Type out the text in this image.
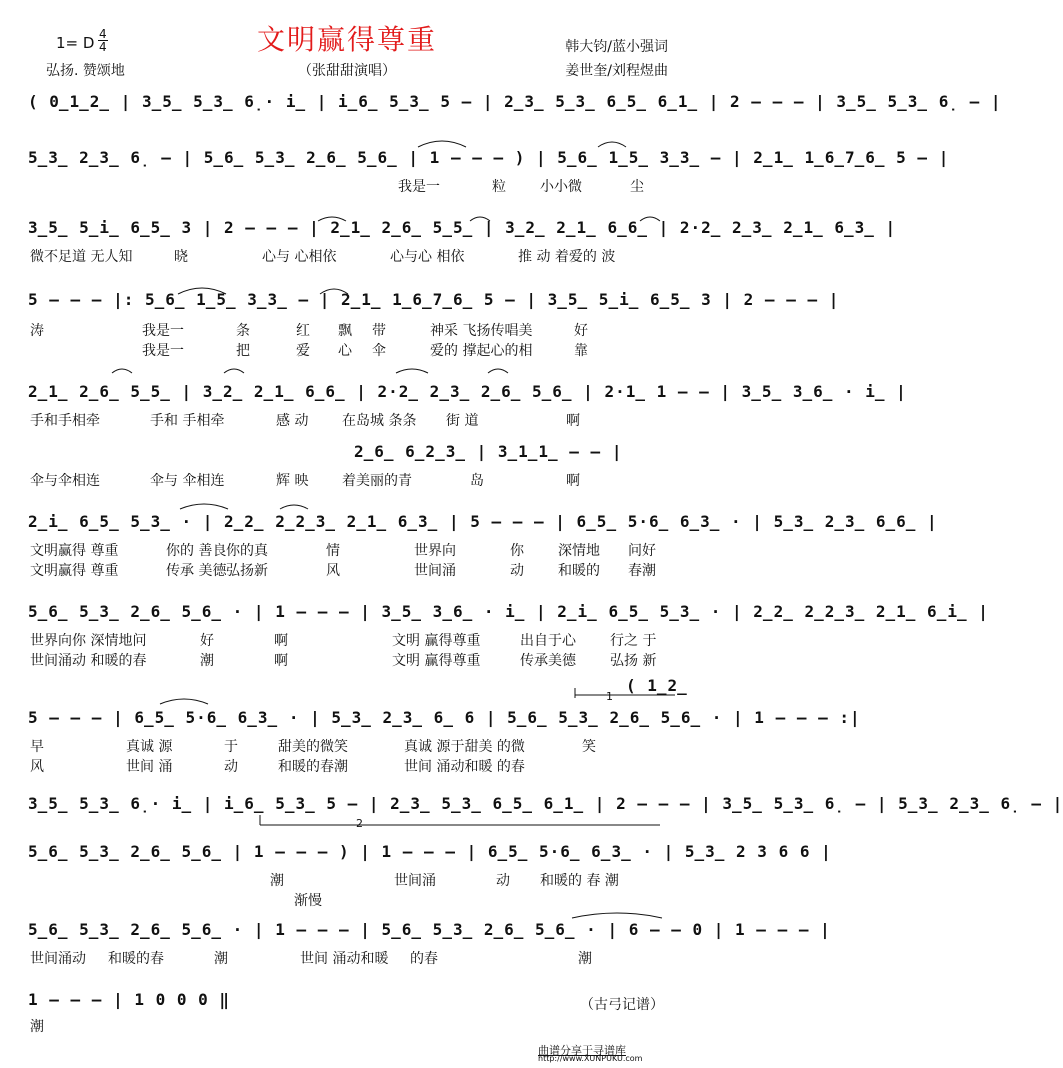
文明赢得尊重
（张甜甜演唱）
1= D 4
4
弘扬. 赞颂地
韩大钧/蓝小强词
姜世奎/刘程煜曲
( 0̲1̲2̲ | 3̲5̲ 5̲3̲ 6̣· i̲ | i̲6̲ 5̲3̲ 5 – | 2̲3̲ 5̲3̲ 6̲5̲ 6̲1̲ | 2 – – – | 3̲5̲ 5̲3̲ 6̣ – |
5̲3̲ 2̲3̲ 6̣ – | 5̲6̲ 5̲3̲ 2̲6̲ 5̲6̲ | 1 – – – ) | 5̲6̲ 1̲5̲ 3̲3̲ – | 2̲1̲ 1̲6̲7̲6̲ 5 – |
我是一	粒 小小微	尘
3̲5̲ 5̲i̲ 6̲5̲ 3 | 2 – – – | 2̲1̲ 2̲6̲ 5̲5̲ | 3̲2̲ 2̲1̲ 6̲6̲ | 2·2̲ 2̲3̲ 2̲1̲ 6̲3̲ |
微不足道 无人知	晓	心与 心相依	心与心 相依	推 动 着爱的 波
5 – – – |: 5̲6̲ 1̲5̲ 3̲3̲ – | 2̲1̲ 1̲6̲7̲6̲ 5 – | 3̲5̲ 5̲i̲ 6̲5̲ 3 | 2 – – – |
涛	我是一	条	红 飘 带	神采 飞扬传唱美	好
我是一	把	爱 心 伞	爱的 撑起心的相	靠
2̲1̲ 2̲6̲ 5̲5̲ | 3̲2̲ 2̲1̲ 6̲6̲ | 2·2̲ 2̲3̲ 2̲6̲ 5̲6̲ | 2·1̲ 1 – – | 3̲5̲ 3̲6̲ · i̲ |
手和手相牵	手和 手相牵	感 动 在岛城 条条 街 道	啊
2̲6̲ 6̲2̲3̲ | 3̲1̲1̲ – – |
伞与伞相连	伞与 伞相连	辉 映 着美丽的青	岛	啊
2̲i̲ 6̲5̲ 5̲3̲ · | 2̲2̲ 2̲2̲3̲ 2̲1̲ 6̲3̲ | 5 – – – | 6̲5̲ 5·6̲ 6̲3̲ · | 5̲3̲ 2̲3̲ 6̲6̲ |
文明赢得 尊重	你的 善良 你的真	情	世界向	你 深情地 问好
文明赢得 尊重	传承 美德 弘扬新	风	世间涌	动 和暖的 春潮
5̲6̲ 5̲3̲ 2̲6̲ 5̲6̲ · | 1 – – – | 3̲5̲ 3̲6̲ · i̲ | 2̲i̲ 6̲5̲ 5̲3̲ · | 2̲2̲ 2̲2̲3̲ 2̲1̲ 6̲i̲ |
世界向你 深情地问	好	啊	文明 赢得尊重	出自于心 行之 于
世间涌动 和暖的春	潮	啊	文明 赢得尊重	传承美德 弘扬 新
1
( 1̲2̲
5 – – – | 6̲5̲ 5·6̲ 6̲3̲ · | 5̲3̲ 2̲3̲ 6̲ 6 | 5̲6̲ 5̲3̲ 2̲6̲ 5̲6̲ · | 1 – – – :|
早	真诚 源	于	甜美的微笑	真诚 源于甜美 的微	笑
风	世间 涌	动	和暖的春潮	世间 涌动和暖 的春
3̲5̲ 5̲3̲ 6̣· i̲ | i̲6̲ 5̲3̲ 5 – | 2̲3̲ 5̲3̲ 6̲5̲ 6̲1̲ | 2 – – – | 3̲5̲ 5̲3̲ 6̣ – | 5̲3̲ 2̲3̲ 6̣ – |
2
5̲6̲ 5̲3̲ 2̲6̲ 5̲6̲ | 1 – – – ) | 1 – – – | 6̲5̲ 5·6̲ 6̲3̲ · | 5̲3̲ 2 3 6 6 |
潮	世间涌	动 和暖的 春 潮
渐慢
5̲6̲ 5̲3̲ 2̲6̲ 5̲6̲ · | 1 – – – | 5̲6̲ 5̲3̲ 2̲6̲ 5̲6̲ · | 6 – – 0 | 1 – – – |
世间涌动 和暖的春	潮	世间 涌动和暖 的春	潮
1 – – – | 1 0 0 0 ‖
潮
（古弓记谱）
曲谱分享于寻谱库
http://www.XUNPUKU.com
